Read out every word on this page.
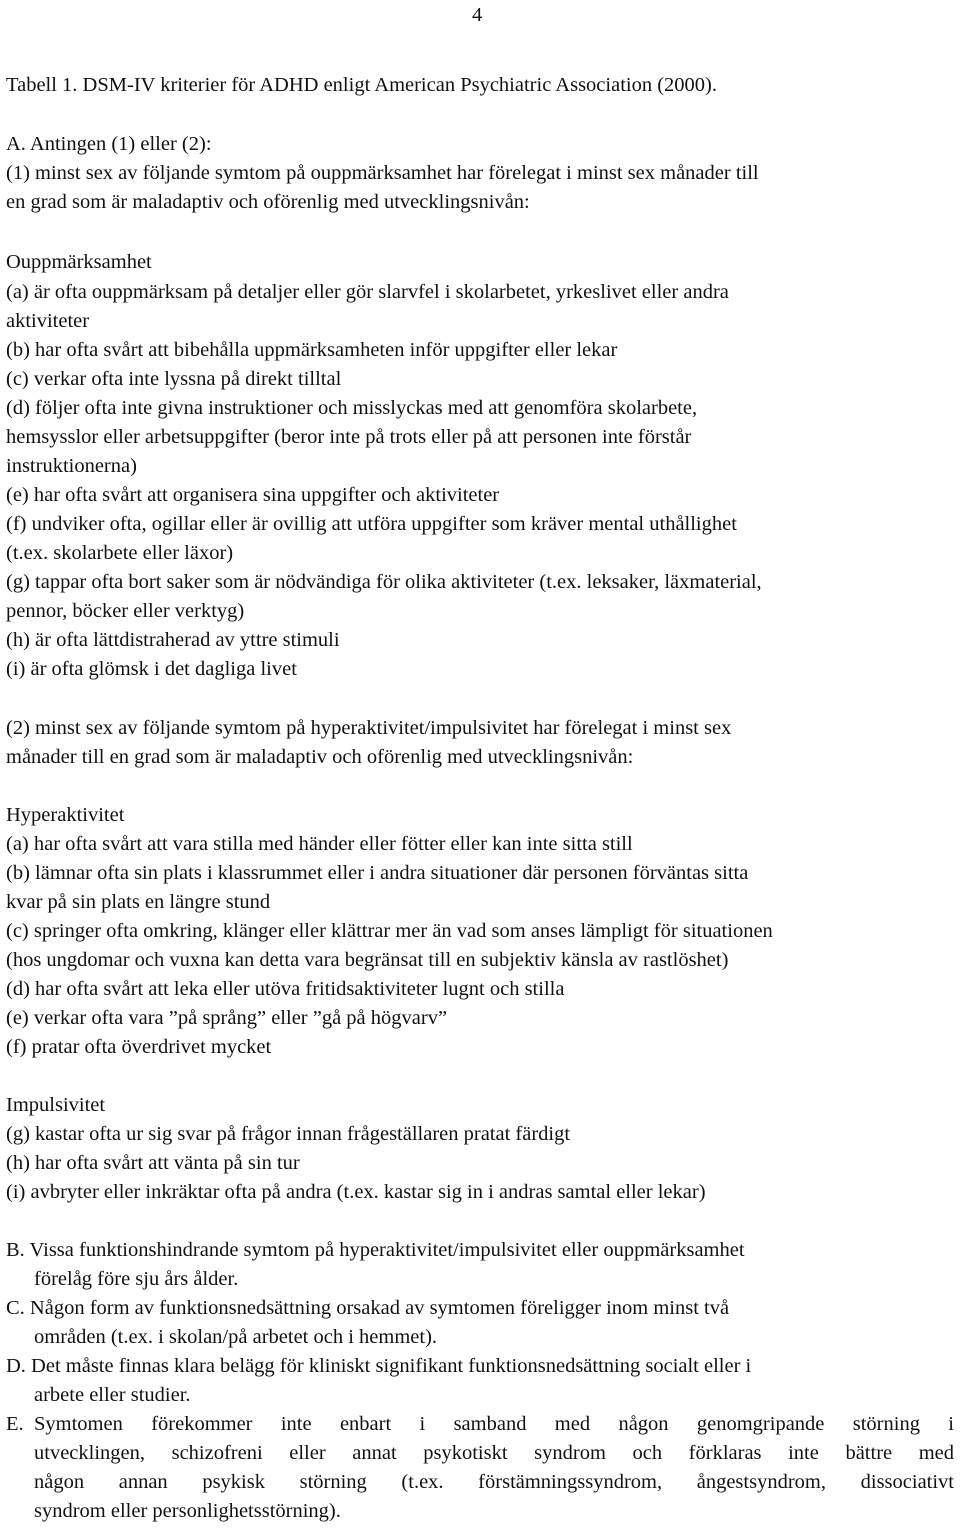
4
Tabell 1. DSM-IV kriterier för ADHD enligt American Psychiatric Association (2000).
A. Antingen (1) eller (2):
(1) minst sex av följande symtom på ouppmärksamhet har förelegat i minst sex månader till
en grad som är maladaptiv och oförenlig med utvecklingsnivån:
Ouppmärksamhet
(a) är ofta ouppmärksam på detaljer eller gör slarvfel i skolarbetet, yrkeslivet eller andra
aktiviteter
(b) har ofta svårt att bibehålla uppmärksamheten inför uppgifter eller lekar
(c) verkar ofta inte lyssna på direkt tilltal
(d) följer ofta inte givna instruktioner och misslyckas med att genomföra skolarbete,
hemsysslor eller arbetsuppgifter (beror inte på trots eller på att personen inte förstår
instruktionerna)
(e) har ofta svårt att organisera sina uppgifter och aktiviteter
(f) undviker ofta, ogillar eller är ovillig att utföra uppgifter som kräver mental uthållighet
(t.ex. skolarbete eller läxor)
(g) tappar ofta bort saker som är nödvändiga för olika aktiviteter (t.ex. leksaker, läxmaterial,
pennor, böcker eller verktyg)
(h) är ofta lättdistraherad av yttre stimuli
(i) är ofta glömsk i det dagliga livet
(2) minst sex av följande symtom på hyperaktivitet/impulsivitet har förelegat i minst sex
månader till en grad som är maladaptiv och oförenlig med utvecklingsnivån:
Hyperaktivitet
(a) har ofta svårt att vara stilla med händer eller fötter eller kan inte sitta still
(b) lämnar ofta sin plats i klassrummet eller i andra situationer där personen förväntas sitta
kvar på sin plats en längre stund
(c) springer ofta omkring, klänger eller klättrar mer än vad som anses lämpligt för situationen
(hos ungdomar och vuxna kan detta vara begränsat till en subjektiv känsla av rastlöshet)
(d) har ofta svårt att leka eller utöva fritidsaktiviteter lugnt och stilla
(e) verkar ofta vara ”på språng” eller ”gå på högvarv”
(f) pratar ofta överdrivet mycket
Impulsivitet
(g) kastar ofta ur sig svar på frågor innan frågeställaren pratat färdigt
(h) har ofta svårt att vänta på sin tur
(i) avbryter eller inkräktar ofta på andra (t.ex. kastar sig in i andras samtal eller lekar)
B. Vissa funktionshindrande symtom på hyperaktivitet/impulsivitet eller ouppmärksamhet
förelåg före sju års ålder.
C. Någon form av funktionsnedsättning orsakad av symtomen föreligger inom minst två
områden (t.ex. i skolan/på arbetet och i hemmet).
D. Det måste finnas klara belägg för kliniskt signifikant funktionsnedsättning socialt eller i
arbete eller studier.
E. Symtomen förekommer inte enbart i samband med någon genomgripande störning i
utvecklingen, schizofreni eller annat psykotiskt syndrom och förklaras inte bättre med
någon annan psykisk störning (t.ex. förstämningssyndrom, ångestsyndrom, dissociativt
syndrom eller personlighetsstörning).
